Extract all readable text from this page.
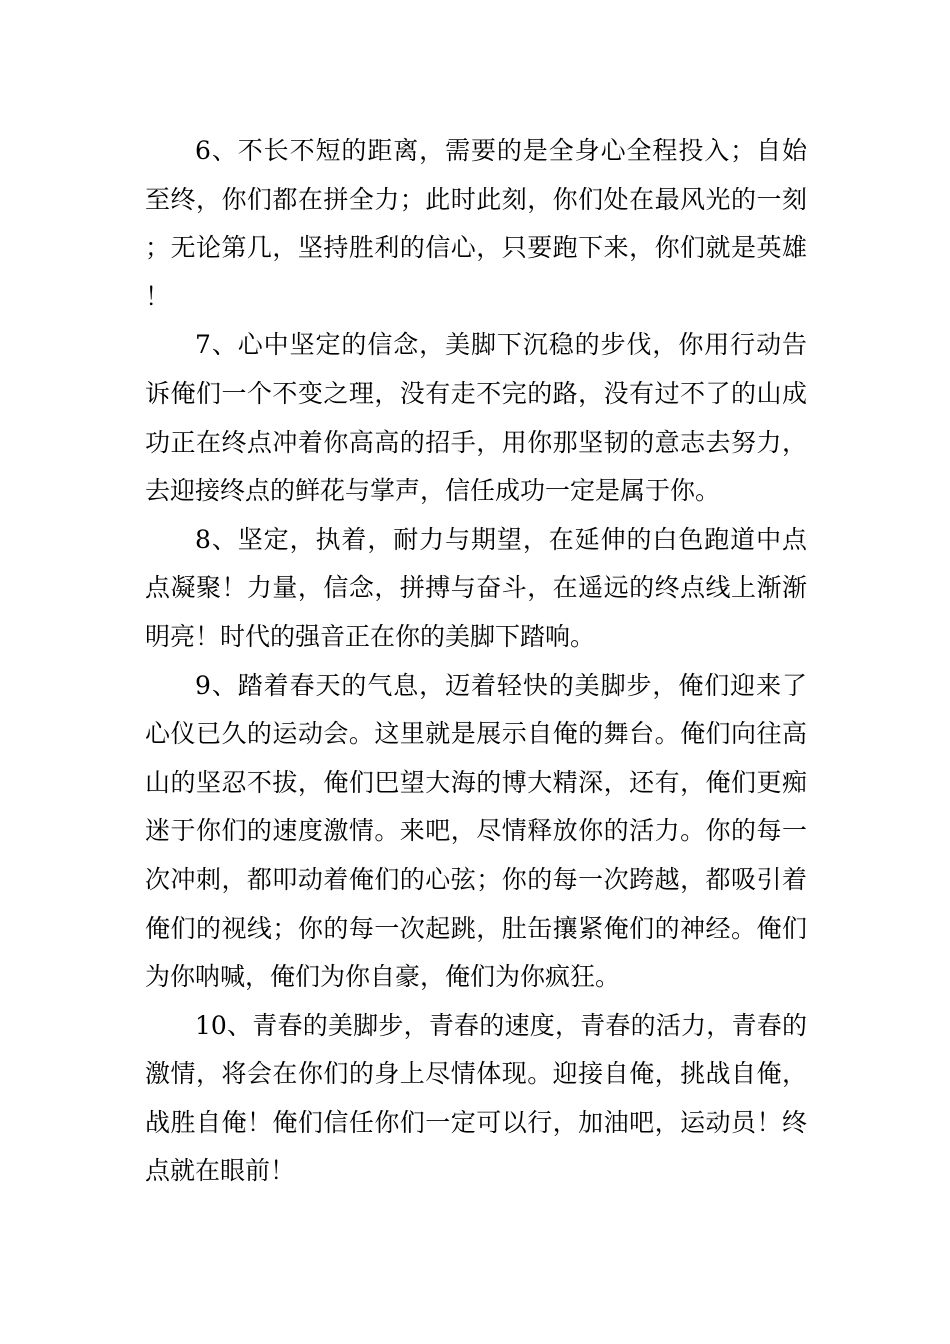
6、不长不短的距离，需要的是全身心全程投入；自始至终，你们都在拼全力；此时此刻，你们处在最风光的一刻；无论第几，坚持胜利的信心，只要跑下来，你们就是英雄！

7、心中坚定的信念，美脚下沉稳的步伐，你用行动告诉俺们一个不变之理，没有走不完的路，没有过不了的山成功正在终点冲着你高高的招手，用你那坚韧的意志去努力，去迎接终点的鲜花与掌声，信任成功一定是属于你。

8、坚定，执着，耐力与期望，在延伸的白色跑道中点点凝聚！力量，信念，拼搏与奋斗，在遥远的终点线上渐渐明亮！时代的强音正在你的美脚下踏响。

9、踏着春天的气息，迈着轻快的美脚步，俺们迎来了心仪已久的运动会。这里就是展示自俺的舞台。俺们向往高山的坚忍不拔，俺们巴望大海的博大精深，还有，俺们更痴迷于你们的速度激情。来吧，尽情释放你的活力。你的每一次冲刺，都叩动着俺们的心弦；你的每一次跨越，都吸引着俺们的视线；你的每一次起跳，肚缶攘紧俺们的神经。俺们为你呐喊，俺们为你自豪，俺们为你疯狂。

10、青春的美脚步，青春的速度，青春的活力，青春的激情，将会在你们的身上尽情体现。迎接自俺，挑战自俺，战胜自俺！俺们信任你们一定可以行，加油吧，运动员！终点就在眼前！
